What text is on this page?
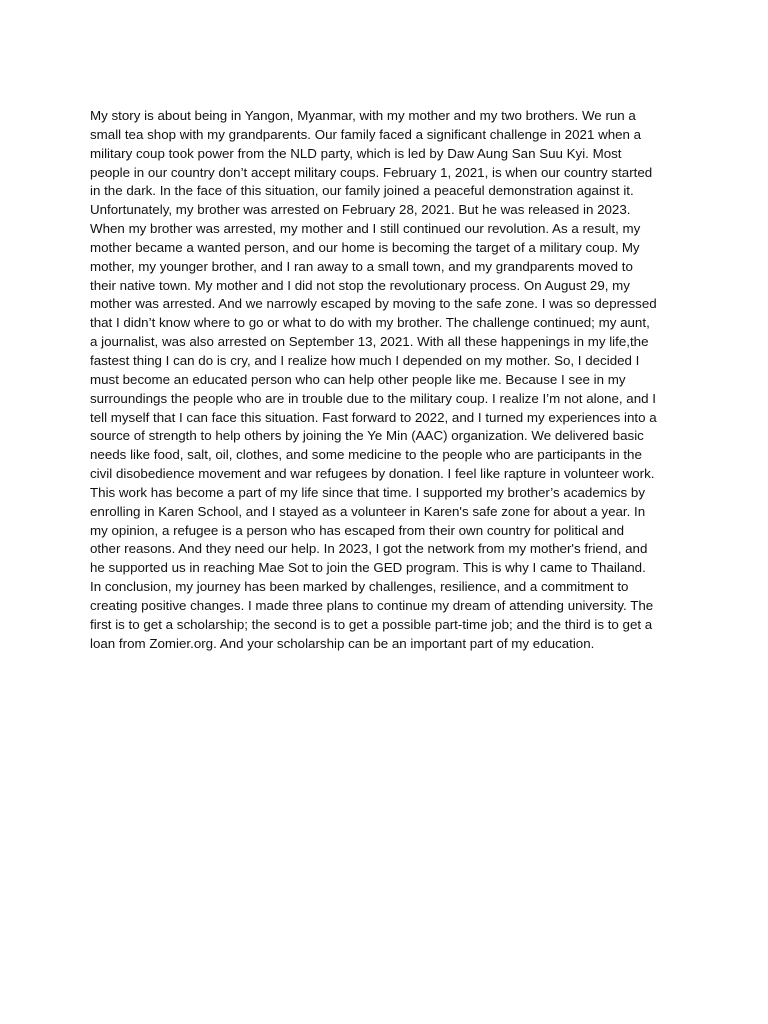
My story is about being in Yangon, Myanmar, with my mother and my two brothers. We run a
small tea shop with my grandparents. Our family faced a significant challenge in 2021 when a
military coup took power from the NLD party, which is led by Daw Aung San Suu Kyi. Most
people in our country don’t accept military coups. February 1, 2021, is when our country started
in the dark. In the face of this situation, our family joined a peaceful demonstration against it.
Unfortunately, my brother was arrested on February 28, 2021. But he was released in 2023.
When my brother was arrested, my mother and I still continued our revolution. As a result, my
mother became a wanted person, and our home is becoming the target of a military coup. My
mother, my younger brother, and I ran away to a small town, and my grandparents moved to
their native town. My mother and I did not stop the revolutionary process. On August 29, my
mother was arrested. And we narrowly escaped by moving to the safe zone. I was so depressed
that I didn’t know where to go or what to do with my brother. The challenge continued; my aunt,
a journalist, was also arrested on September 13, 2021. With all these happenings in my life,the
fastest thing I can do is cry, and I realize how much I depended on my mother. So, I decided I
must become an educated person who can help other people like me. Because I see in my
surroundings the people who are in trouble due to the military coup. I realize I’m not alone, and I
tell myself that I can face this situation. Fast forward to 2022, and I turned my experiences into a
source of strength to help others by joining the Ye Min (AAC) organization. We delivered basic
needs like food, salt, oil, clothes, and some medicine to the people who are participants in the
civil disobedience movement and war refugees by donation. I feel like rapture in volunteer work.
This work has become a part of my life since that time. I supported my brother’s academics by
enrolling in Karen School, and I stayed as a volunteer in Karen's safe zone for about a year. In
my opinion, a refugee is a person who has escaped from their own country for political and
other reasons. And they need our help. In 2023, I got the network from my mother's friend, and
he supported us in reaching Mae Sot to join the GED program. This is why I came to Thailand.
In conclusion, my journey has been marked by challenges, resilience, and a commitment to
creating positive changes. I made three plans to continue my dream of attending university. The
first is to get a scholarship; the second is to get a possible part-time job; and the third is to get a
loan from Zomier.org. And your scholarship can be an important part of my education.
